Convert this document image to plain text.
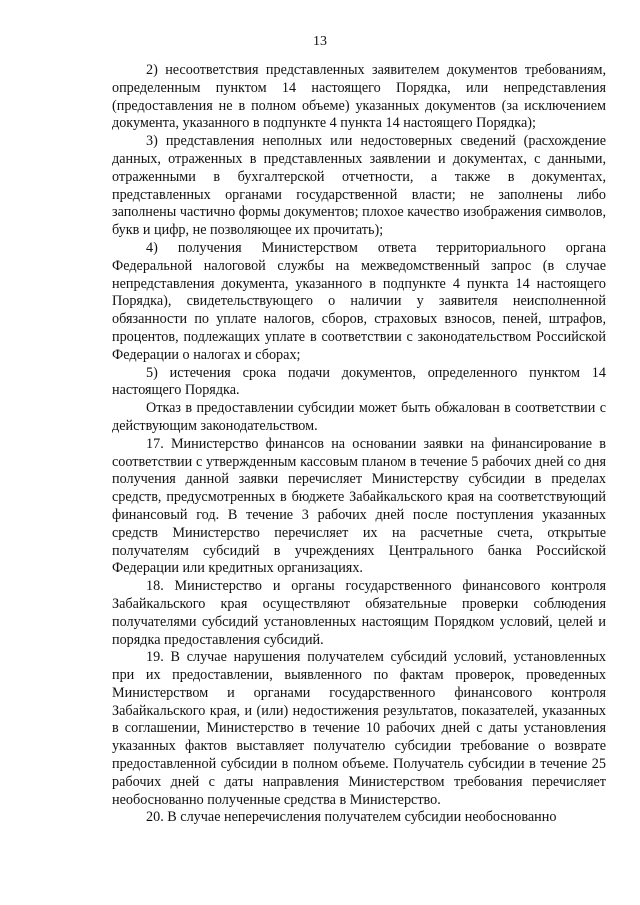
13

2) несоответствия представленных заявителем документов требованиям, определенным пунктом 14 настоящего Порядка, или непредставления (предоставления не в полном объеме) указанных документов (за исключением документа, указанного в подпункте 4 пункта 14 настоящего Порядка);

3) представления неполных или недостоверных сведений (расхождение данных, отраженных в представленных заявлении и документах, с данными, отраженными в бухгалтерской отчетности, а также в документах, представленных органами государственной власти; не заполнены либо заполнены частично формы документов; плохое качество изображения символов, букв и цифр, не позволяющее их прочитать);

4) получения Министерством ответа территориального органа Федеральной налоговой службы на межведомственный запрос (в случае непредставления документа, указанного в подпункте 4 пункта 14 настоящего Порядка), свидетельствующего о наличии у заявителя неисполненной обязанности по уплате налогов, сборов, страховых взносов, пеней, штрафов, процентов, подлежащих уплате в соответствии с законодательством Российской Федерации о налогах и сборах;

5) истечения срока подачи документов, определенного пунктом 14 настоящего Порядка.

Отказ в предоставлении субсидии может быть обжалован в соответствии с действующим законодательством.

17. Министерство финансов на основании заявки на финансирование в соответствии с утвержденным кассовым планом в течение 5 рабочих дней со дня получения данной заявки перечисляет Министерству субсидии в пределах средств, предусмотренных в бюджете Забайкальского края на соответствующий финансовый год. В течение 3 рабочих дней после поступления указанных средств Министерство перечисляет их на расчетные счета, открытые получателям субсидий в учреждениях Центрального банка Российской Федерации или кредитных организациях.

18. Министерство и органы государственного финансового контроля Забайкальского края осуществляют обязательные проверки соблюдения получателями субсидий установленных настоящим Порядком условий, целей и порядка предоставления субсидий.

19. В случае нарушения получателем субсидий условий, установленных при их предоставлении, выявленного по фактам проверок, проведенных Министерством и органами государственного финансового контроля Забайкальского края, и (или) недостижения результатов, показателей, указанных в соглашении, Министерство в течение 10 рабочих дней с даты установления указанных фактов выставляет получателю субсидии требование о возврате предоставленной субсидии в полном объеме. Получатель субсидии в течение 25 рабочих дней с даты направления Министерством требования перечисляет необоснованно полученные средства в Министерство.

20. В случае неперечисления получателем субсидии необоснованно
